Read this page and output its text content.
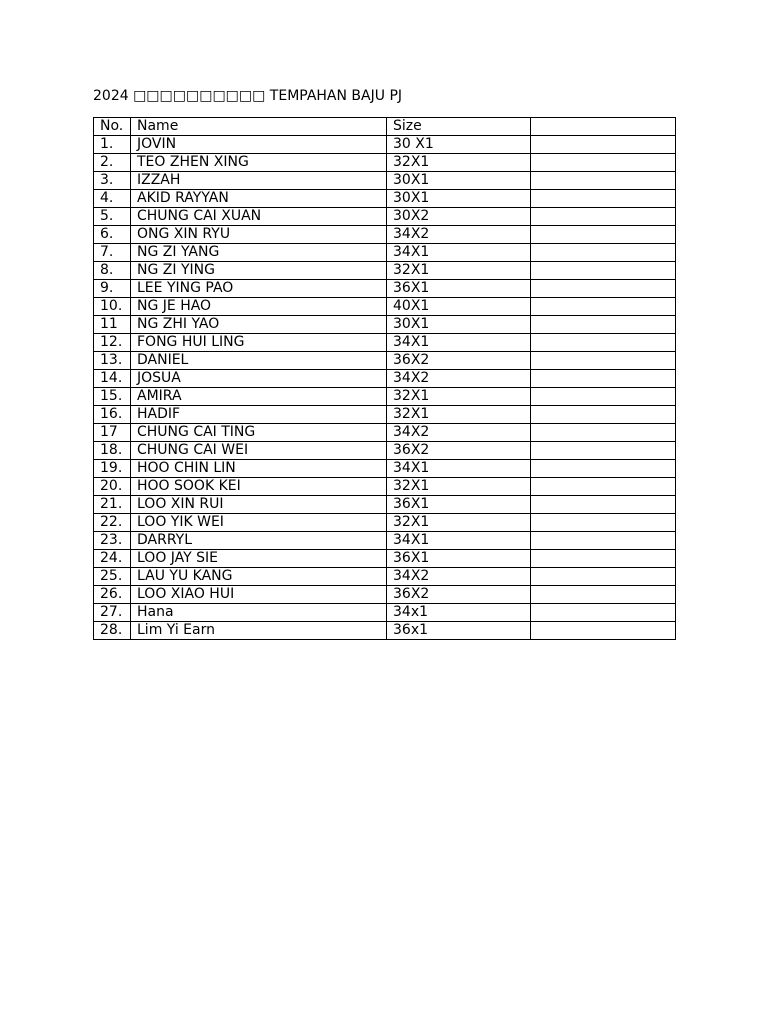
2024 □□□□□□□□□□ TEMPAHAN BAJU PJ
No.	Name	Size	
1.	JOVIN	30 X1	
2.	TEO ZHEN XING	32X1	
3.	IZZAH	30X1	
4.	AKID RAYYAN	30X1	
5.	CHUNG CAI XUAN	30X2	
6.	ONG XIN RYU	34X2	
7.	NG ZI YANG	34X1	
8.	NG ZI YING	32X1	
9.	LEE YING PAO	36X1	
10.	NG JE HAO	40X1	
11	NG ZHI YAO	30X1	
12.	FONG HUI LING	34X1	
13.	DANIEL	36X2	
14.	JOSUA	34X2	
15.	AMIRA	32X1	
16.	HADIF	32X1	
17	CHUNG CAI TING	34X2	
18.	CHUNG CAI WEI	36X2	
19.	HOO CHIN LIN	34X1	
20.	HOO SOOK KEI	32X1	
21.	LOO XIN RUI	36X1	
22.	LOO YIK WEI	32X1	
23.	DARRYL	34X1	
24.	LOO JAY SIE	36X1	
25.	LAU YU KANG	34X2	
26.	LOO XIAO HUI	36X2	
27.	Hana	34x1	
28.	Lim Yi Earn	36x1	
